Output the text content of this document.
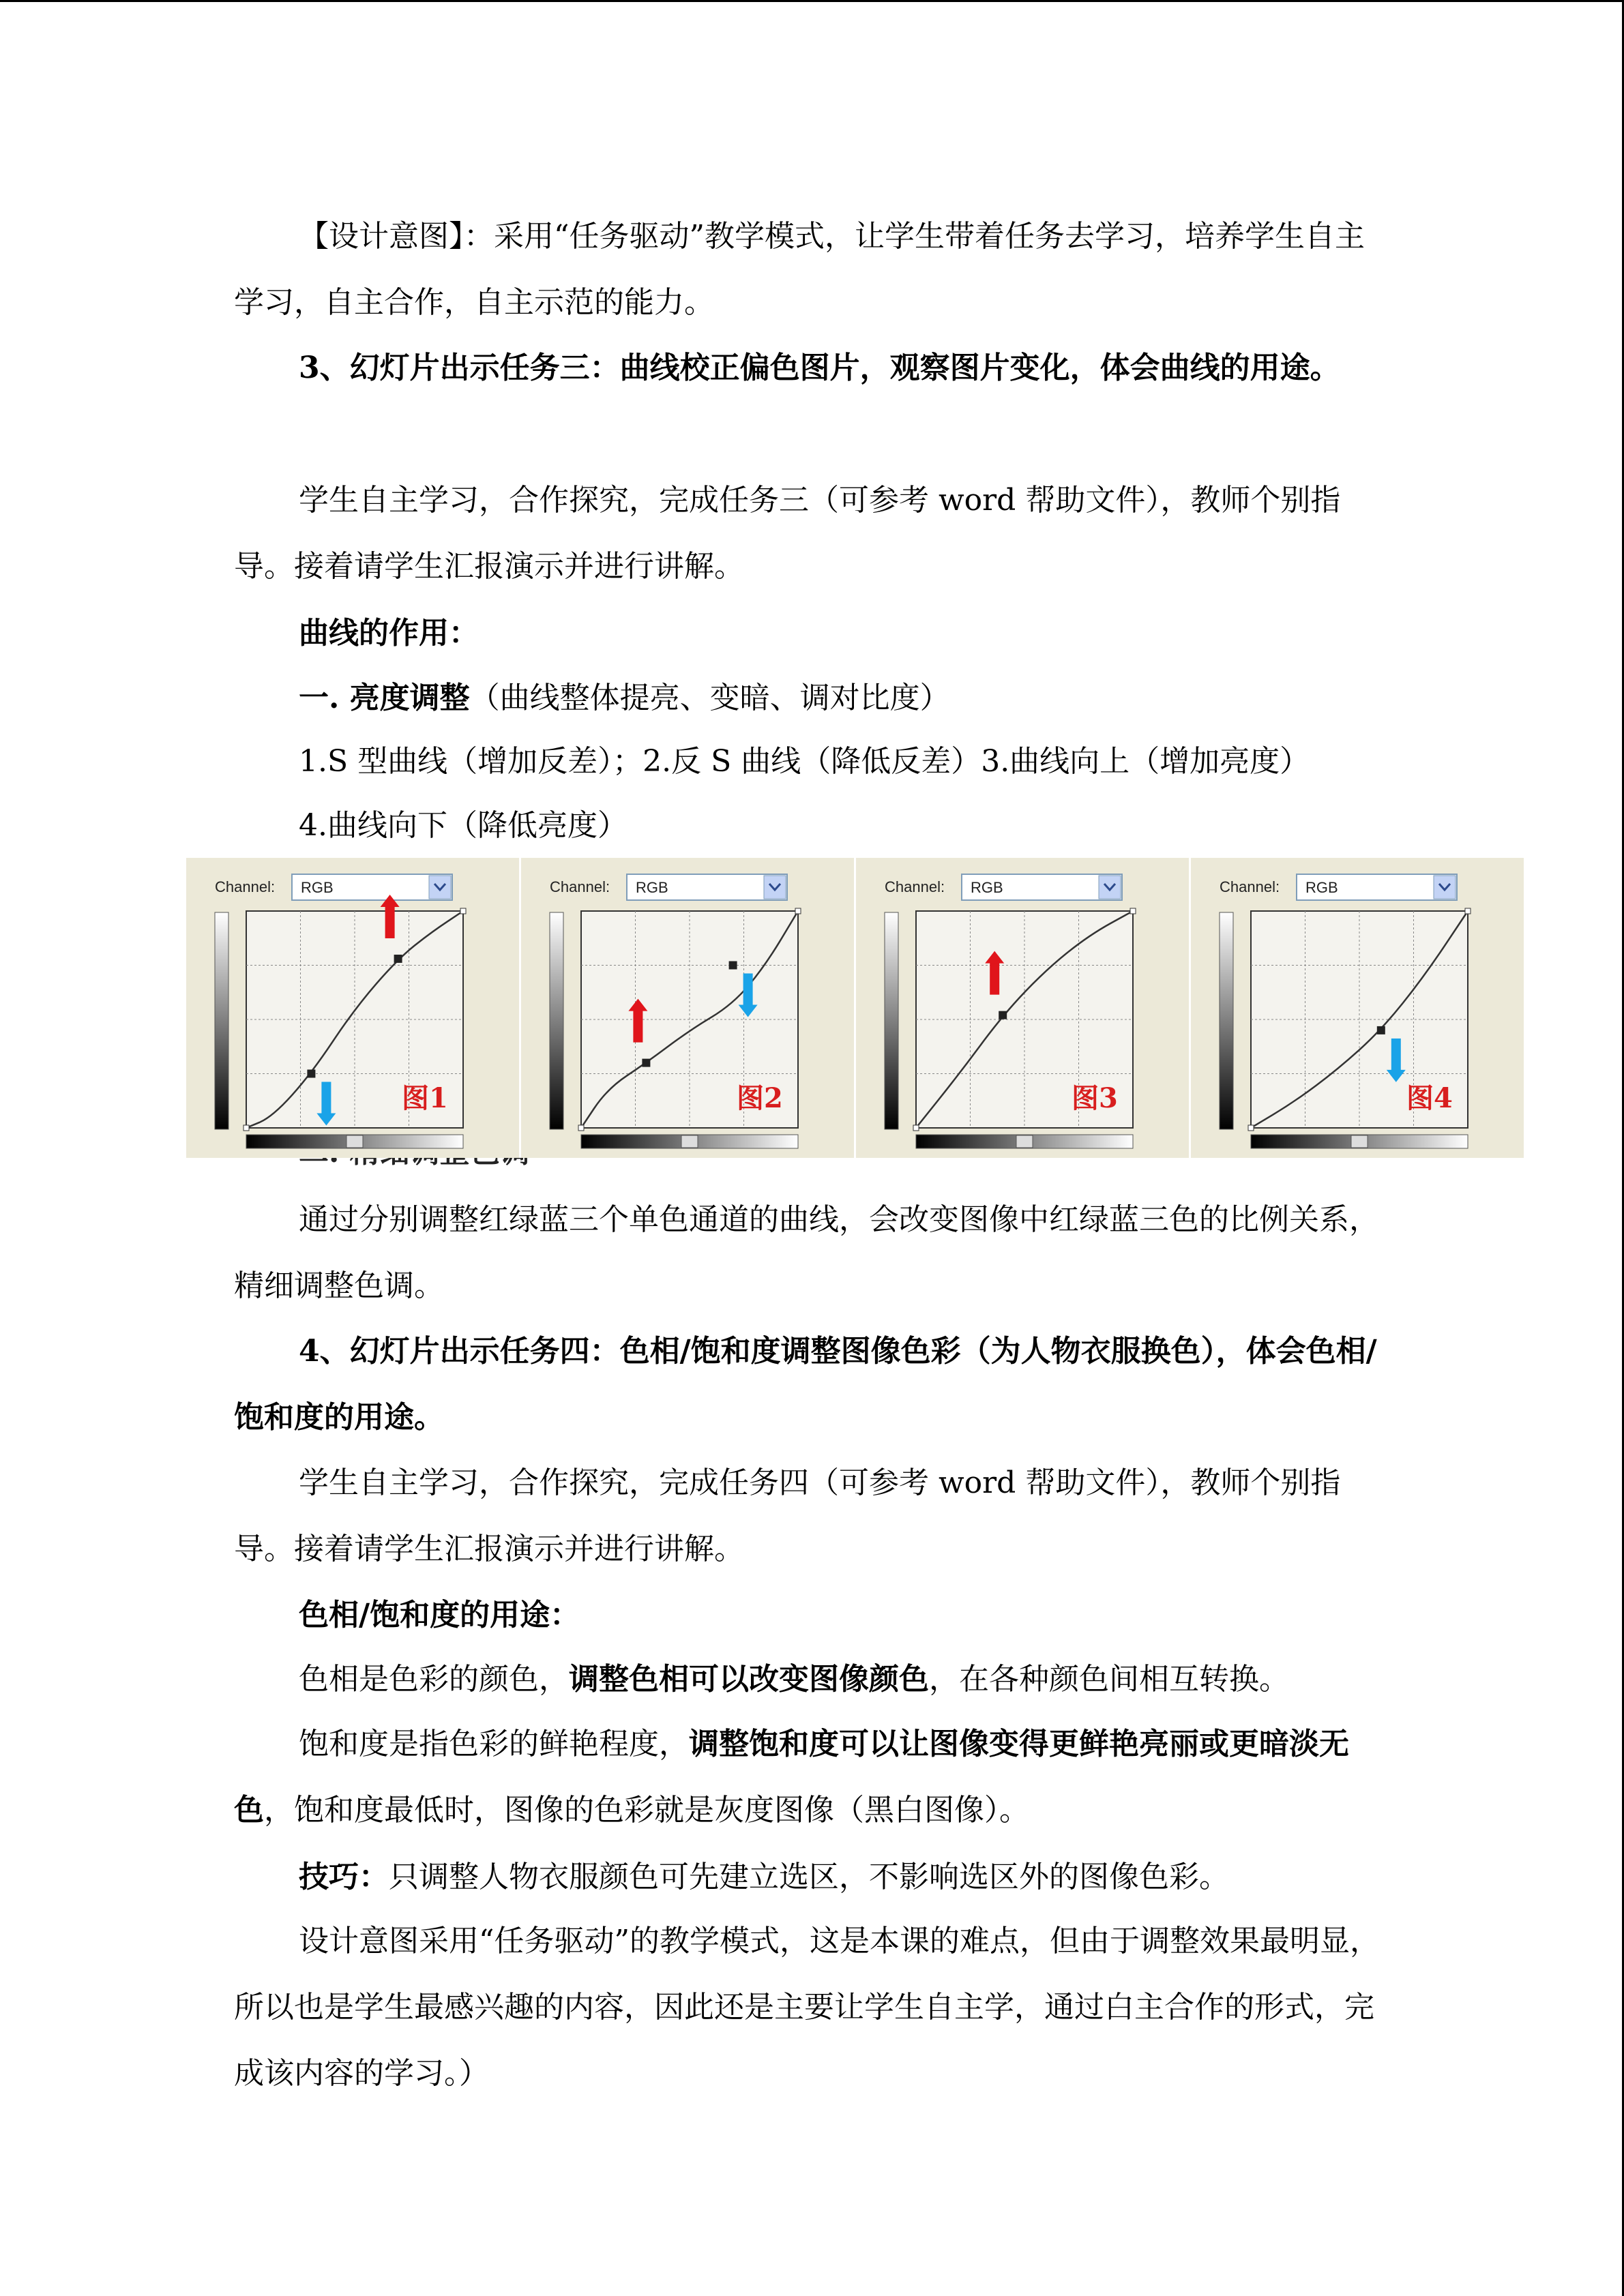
【设计意图】：采用“任务驱动”教学模式，让学生带着任务去学习，培养学生自主学习，自主合作，自主示范的能力。

3、幻灯片出示任务三：曲线校正偏色图片，观察图片变化，体会曲线的用途。

学生自主学习，合作探究，完成任务三（可参考 word 帮助文件），教师个别指导。接着请学生汇报演示并进行讲解。

曲线的作用：
一. 亮度调整（曲线整体提亮、变暗、调对比度）
1.S 型曲线（增加反差）；2.反 S 曲线（降低反差）3.曲线向上（增加亮度）
4.曲线向下（降低亮度）
Channel: RGB
图1
Channel: RGB
图2
Channel: RGB
图3
Channel: RGB
图4

通过分别调整红绿蓝三个单色通道的曲线，会改变图像中红绿蓝三色的比例关系，精细调整色调。

4、幻灯片出示任务四：色相/饱和度调整图像色彩（为人物衣服换色），体会色相/饱和度的用途。

学生自主学习，合作探究，完成任务四（可参考 word 帮助文件），教师个别指导。接着请学生汇报演示并进行讲解。

色相/饱和度的用途：
色相是色彩的颜色，调整色相可以改变图像颜色，在各种颜色间相互转换。

饱和度是指色彩的鲜艳程度，调整饱和度可以让图像变得更鲜艳亮丽或更暗淡无色，饱和度最低时，图像的色彩就是灰度图像（黑白图像）。

技巧：只调整人物衣服颜色可先建立选区，不影响选区外的图像色彩。

设计意图采用“任务驱动”的教学模式，这是本课的难点，但由于调整效果最明显，所以也是学生最感兴趣的内容，因此还是主要让学生自主学，通过白主合作的形式，完成该内容的学习。）
